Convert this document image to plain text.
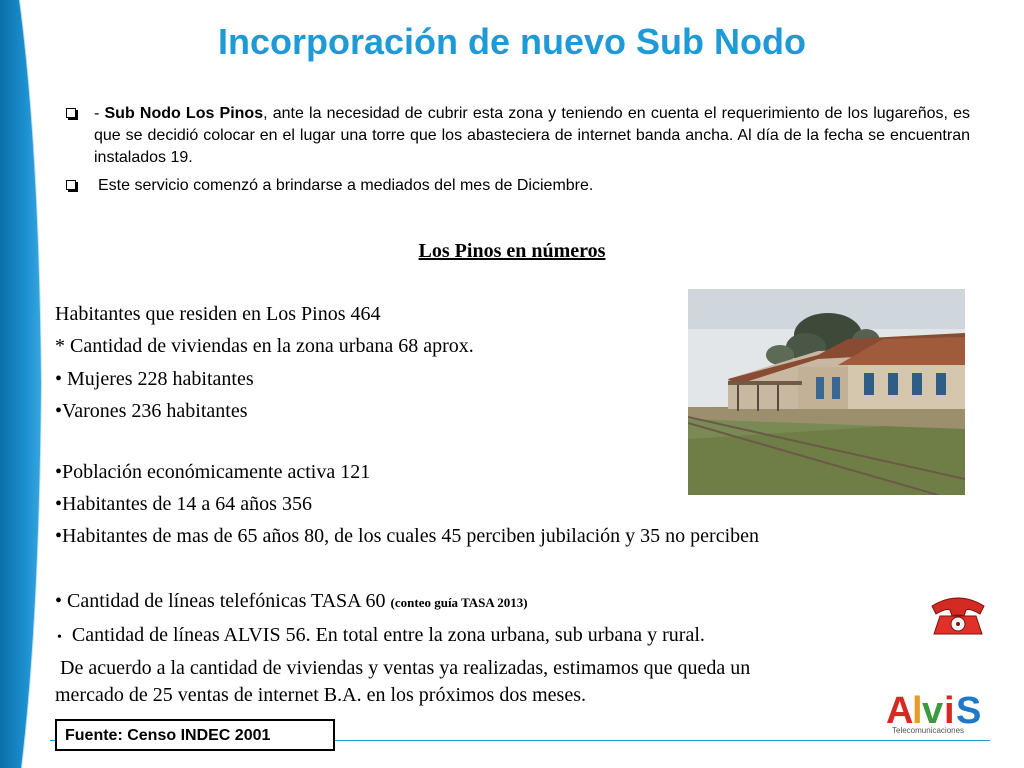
Incorporación de nuevo Sub Nodo
- Sub Nodo Los Pinos, ante la necesidad de cubrir esta zona y teniendo en cuenta el requerimiento de los lugareños, es que se decidió colocar en el lugar una torre que los abasteciera de internet banda ancha. Al día de la fecha se encuentran instalados 19.
Este servicio comenzó a brindarse a mediados del mes de Diciembre.
Los Pinos en números

Habitantes que residen en Los Pinos 464

* Cantidad de viviendas en la zona urbana 68 aprox.

• Mujeres 228 habitantes

•Varones 236 habitantes

•Población económicamente activa 121

•Habitantes de 14 a 64 años 356

•Habitantes de mas de 65 años 80, de los cuales 45 perciben jubilación y 35 no perciben

• Cantidad de líneas telefónicas TASA 60 (conteo guía TASA 2013)

• Cantidad de líneas ALVIS 56. En total entre la zona urbana, sub urbana y rural.

De acuerdo a la cantidad de viviendas y ventas ya realizadas, estimamos que queda un

mercado de 25 ventas de internet B.A. en los próximos dos meses.

Fuente: Censo INDEC 2001
A
l v i S
Telecomunicaciones
